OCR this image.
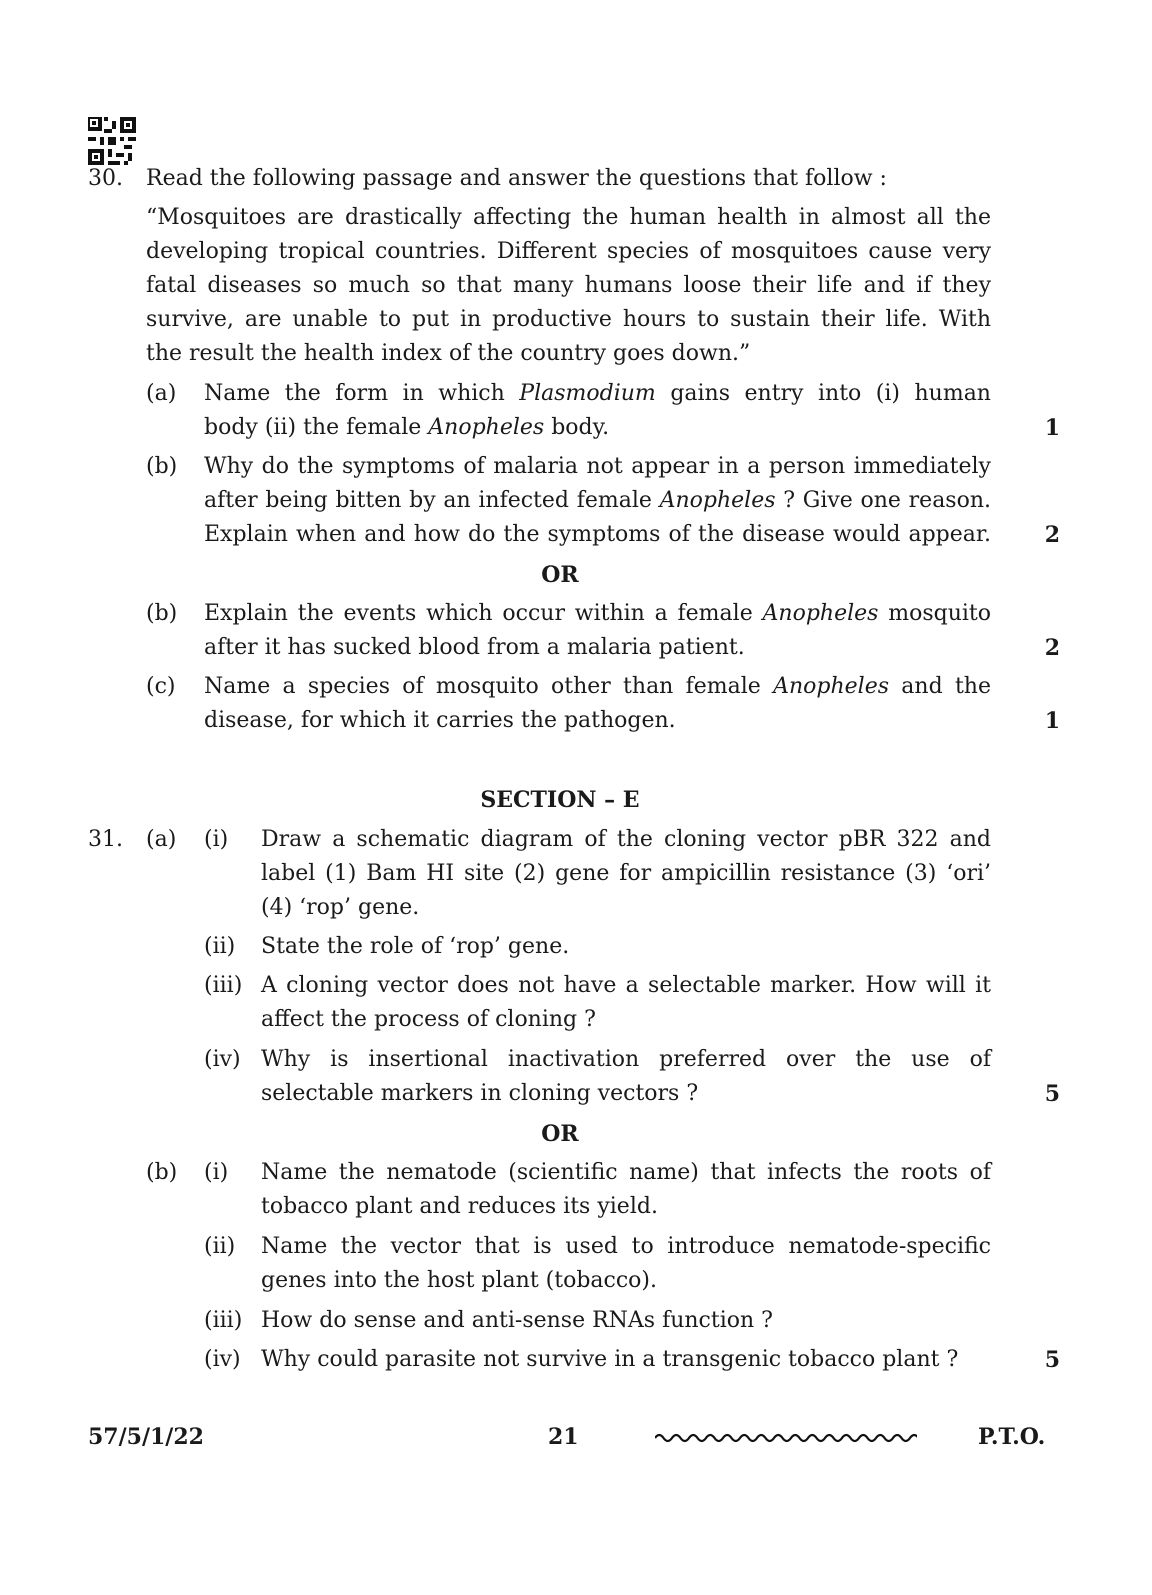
30. Read the following passage and answer the questions that follow :
“Mosquitoes are drastically affecting the human health in almost all the
developing tropical countries. Different species of mosquitoes cause very
fatal diseases so much so that many humans loose their life and if they
survive, are unable to put in productive hours to sustain their life. With
the result the health index of the country goes down.”
(a) Name the form in which Plasmodium gains entry into (i) human
body (ii) the female Anopheles body.	1
(b) Why do the symptoms of malaria not appear in a person immediately
after being bitten by an infected female Anopheles ? Give one reason.
Explain when and how do the symptoms of the disease would appear.	2
OR
(b) Explain the events which occur within a female Anopheles mosquito
after it has sucked blood from a malaria patient.	2
(c) Name a species of mosquito other than female Anopheles and the
disease, for which it carries the pathogen.	1
SECTION – E
31. (a) (i) Draw a schematic diagram of the cloning vector pBR 322 and
label (1) Bam HI site (2) gene for ampicillin resistance (3) ‘ori’
(4) ‘rop’ gene.
(ii) State the role of ‘rop’ gene.
(iii) A cloning vector does not have a selectable marker. How will it
affect the process of cloning ?
(iv) Why is insertional inactivation preferred over the use of
selectable markers in cloning vectors ?	5
OR
(b) (i) Name the nematode (scientific name) that infects the roots of
tobacco plant and reduces its yield.
(ii) Name the vector that is used to introduce nematode-specific
genes into the host plant (tobacco).
(iii) How do sense and anti-sense RNAs function ?
(iv) Why could parasite not survive in a transgenic tobacco plant ?	5
57/5/1/22	21	P.T.O.
